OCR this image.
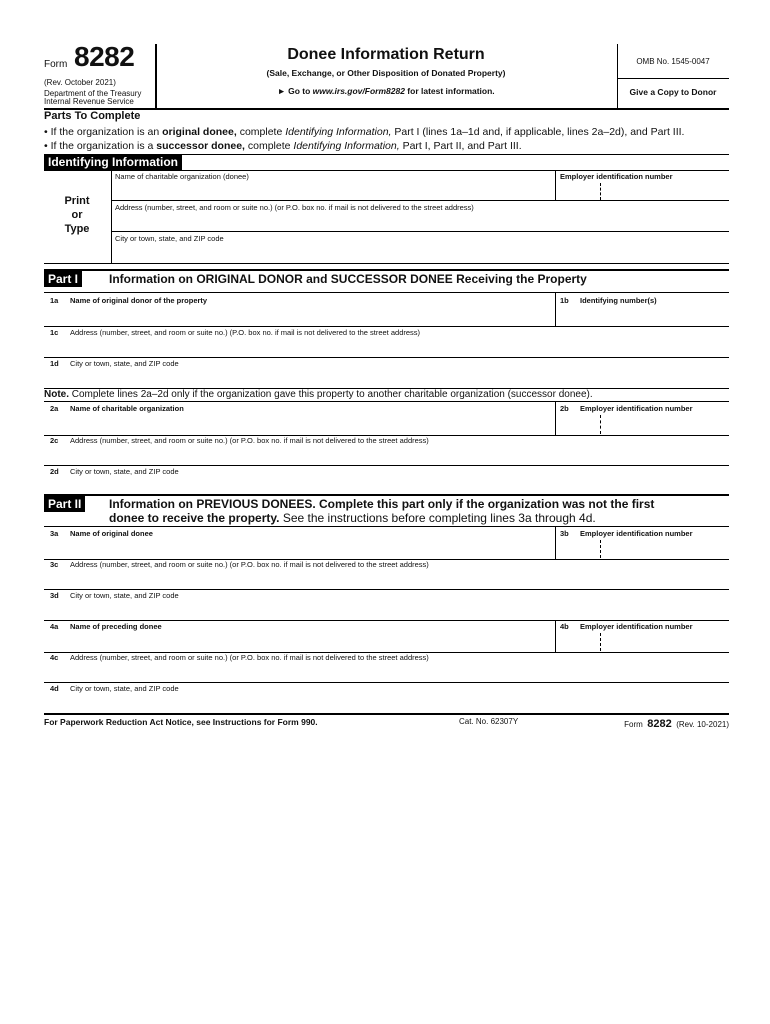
Form 8282
(Rev. October 2021)
Department of the Treasury
Internal Revenue Service
Donee Information Return
(Sale, Exchange, or Other Disposition of Donated Property)
► Go to www.irs.gov/Form8282 for latest information.
OMB No. 1545-0047
Give a Copy to Donor
Parts To Complete
• If the organization is an original donee, complete Identifying Information, Part I (lines 1a–1d and, if applicable, lines 2a–2d), and Part III.
• If the organization is a successor donee, complete Identifying Information, Part I, Part II, and Part III.
Identifying Information
Print
or
Type
Name of charitable organization (donee)	Employer identification number
Address (number, street, and room or suite no.) (or P.O. box no. if mail is not delivered to the street address)
City or town, state, and ZIP code
Part I	Information on ORIGINAL DONOR and SUCCESSOR DONEE Receiving the Property
1a Name of original donor of the property	1b Identifying number(s)
1c Address (number, street, and room or suite no.) (P.O. box no. if mail is not delivered to the street address)
1d City or town, state, and ZIP code
Note. Complete lines 2a–2d only if the organization gave this property to another charitable organization (successor donee).
2a Name of charitable organization	2b Employer identification number
2c Address (number, street, and room or suite no.) (or P.O. box no. if mail is not delivered to the street address)
2d City or town, state, and ZIP code
Part II	Information on PREVIOUS DONEES. Complete this part only if the organization was not the first
donee to receive the property. See the instructions before completing lines 3a through 4d.
3a Name of original donee	3b Employer identification number
3c Address (number, street, and room or suite no.) (or P.O. box no. if mail is not delivered to the street address)
3d City or town, state, and ZIP code
4a Name of preceding donee	4b Employer identification number
4c Address (number, street, and room or suite no.) (or P.O. box no. if mail is not delivered to the street address)
4d City or town, state, and ZIP code
For Paperwork Reduction Act Notice, see Instructions for Form 990.	Cat. No. 62307Y	Form 8282 (Rev. 10-2021)
